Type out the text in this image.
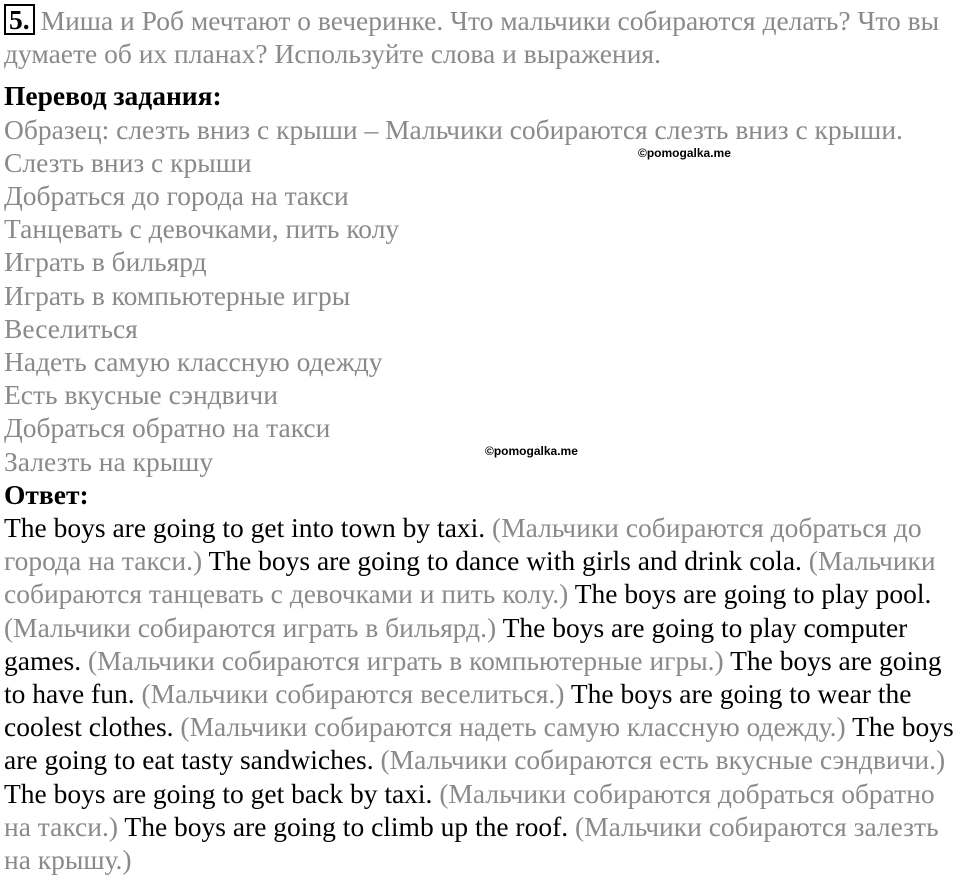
5. Миша и Роб мечтают о вечеринке. Что мальчики собираются делать? Что вы думаете об их планах? Используйте слова и выражения.

Перевод задания:

Образец: слезть вниз с крыши – Мальчики собираются слезть вниз с крыши.

Слезть вниз с крыши

Добраться до города на такси

Танцевать с девочками, пить колу

Играть в бильярд

Играть в компьютерные игры

Веселиться

Надеть самую классную одежду

Есть вкусные сэндвичи

Добраться обратно на такси

Залезть на крышу

Ответ:

The boys are going to get into town by taxi. (Мальчики собираются добраться до города на такси.) The boys are going to dance with girls and drink cola. (Мальчики собираются танцевать с девочками и пить колу.) The boys are going to play pool. (Мальчики собираются играть в бильярд.) The boys are going to play computer games. (Мальчики собираются играть в компьютерные игры.) The boys are going to have fun. (Мальчики собираются веселиться.) The boys are going to wear the coolest clothes. (Мальчики собираются надеть самую классную одежду.) The boys are going to eat tasty sandwiches. (Мальчики собираются есть вкусные сэндвичи.) The boys are going to get back by taxi. (Мальчики собираются добраться обратно на такси.) The boys are going to climb up the roof. (Мальчики собираются залезть на крышу.)

©pomogalka.me
©pomogalka.me
